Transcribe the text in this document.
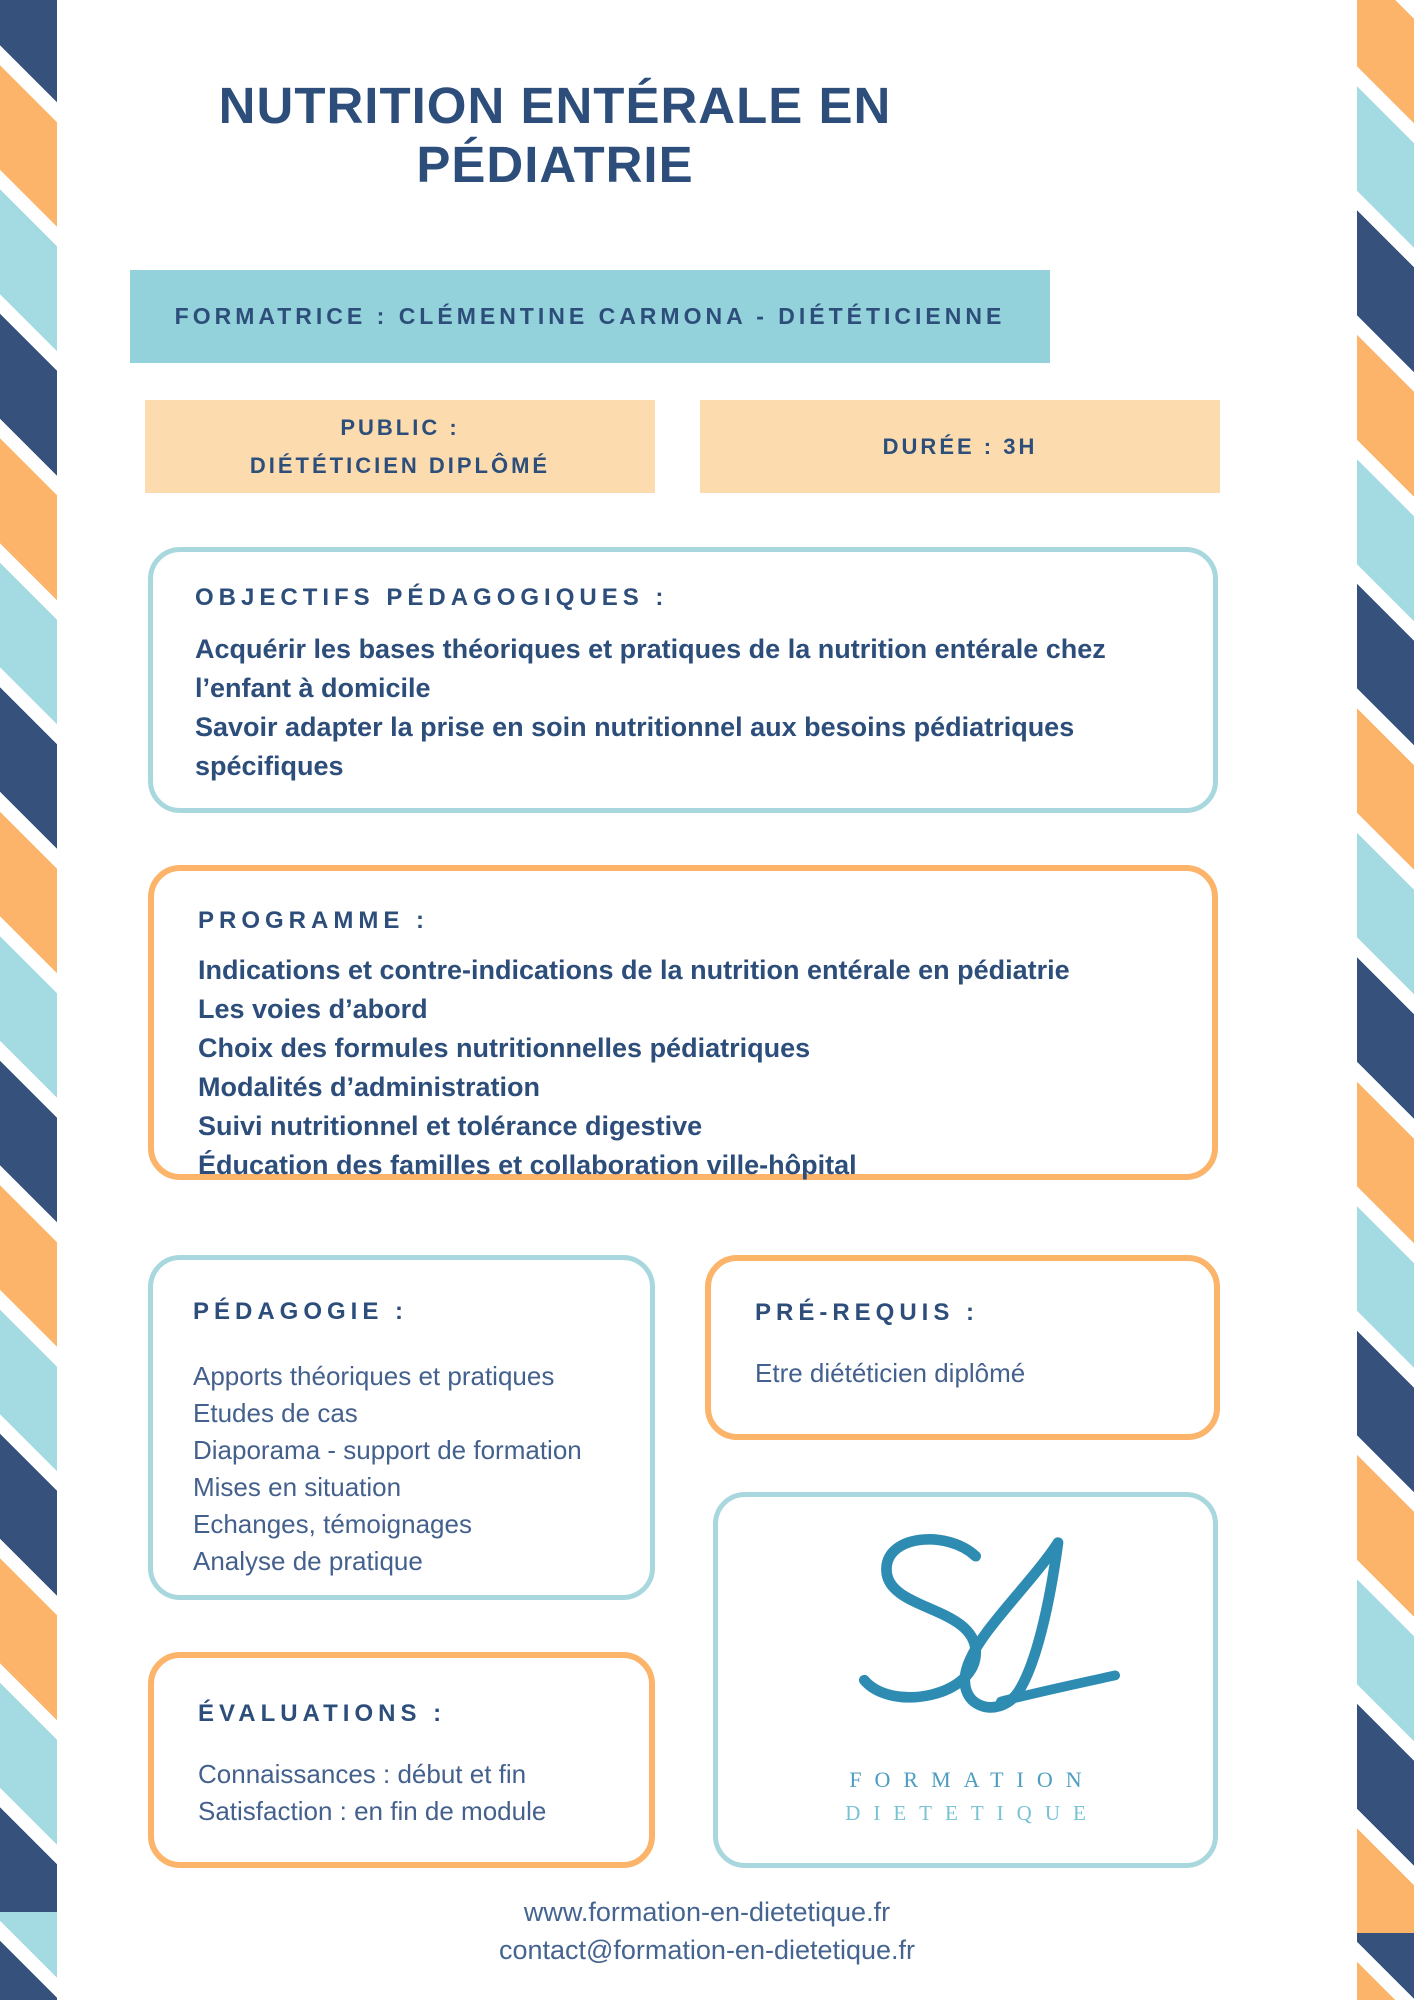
NUTRITION ENTÉRALE EN PÉDIATRIE
FORMATRICE : CLÉMENTINE CARMONA - DIÉTÉTICIENNE
PUBLIC :
DIÉTÉTICIEN DIPLÔMÉ
DURÉE : 3H
OBJECTIFS PÉDAGOGIQUES :
Acquérir les bases théoriques et pratiques de la nutrition entérale chez l’enfant à domicile
Savoir adapter la prise en soin nutritionnel aux besoins pédiatriques spécifiques
PROGRAMME :
Indications et contre-indications de la nutrition entérale en pédiatrie
Les voies d’abord
Choix des formules nutritionnelles pédiatriques
Modalités d’administration
Suivi nutritionnel et tolérance digestive
Éducation des familles et collaboration ville-hôpital
PÉDAGOGIE :
Apports théoriques et pratiques
Etudes de cas
Diaporama - support de formation
Mises en situation
Echanges, témoignages
Analyse de pratique
PRÉ-REQUIS :
Etre diététicien diplômé
FORMATION
DIETETIQUE
ÉVALUATIONS :
Connaissances : début et fin
Satisfaction : en fin de module
www.formation-en-dietetique.fr
contact@formation-en-dietetique.fr
